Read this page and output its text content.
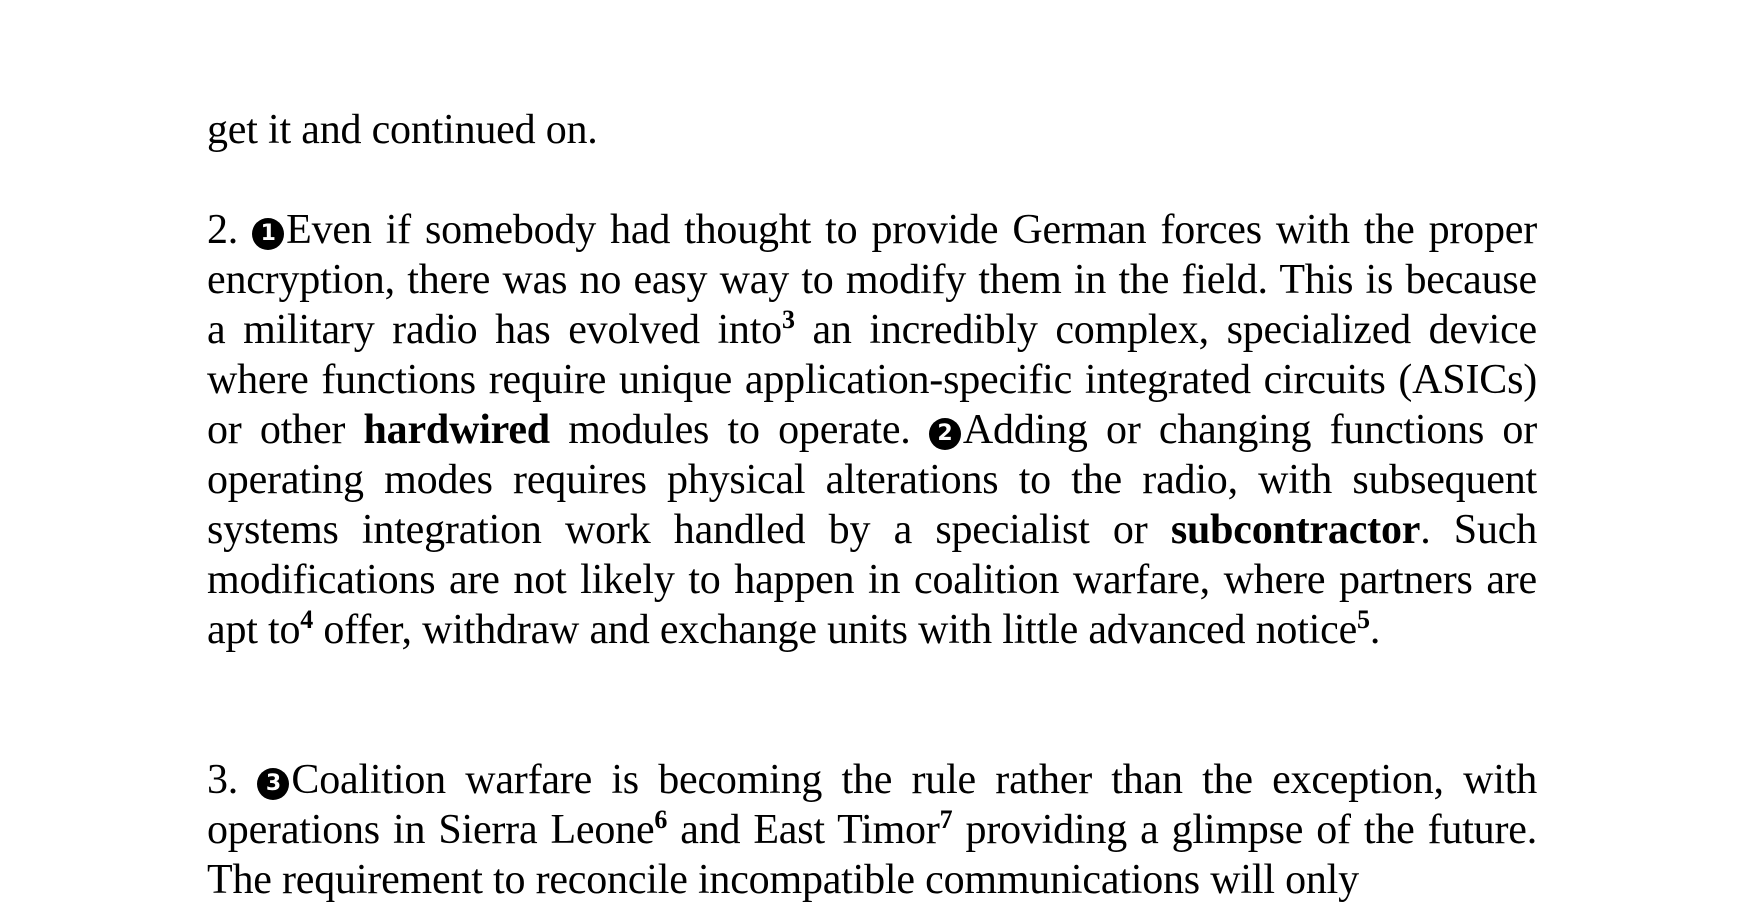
get it and continued on.

2. 1 Even if somebody had thought to provide German forces with the proper encryption, there was no easy way to modify them in the field. This is because a military radio has evolved into$^3$ an incredibly complex, specialized device where functions require unique application-specific integrated circuits (ASICs) or other hardwired modules to operate. 2 Adding or changing functions or operating modes requires physical alterations to the radio, with subsequent systems integration work handled by a specialist or subcontractor. Such modifications are not likely to happen in coalition warfare, where partners are apt $to^4$ offer, withdraw and exchange units with little advanced notice$^5$.

3. 3 Coalition warfare is becoming the rule rather than the exception, with operations in Sierra Leone$^6$ and East Timor$^7$ providing a glimpse of the future. The requirement to reconcile incompatible communications will only
